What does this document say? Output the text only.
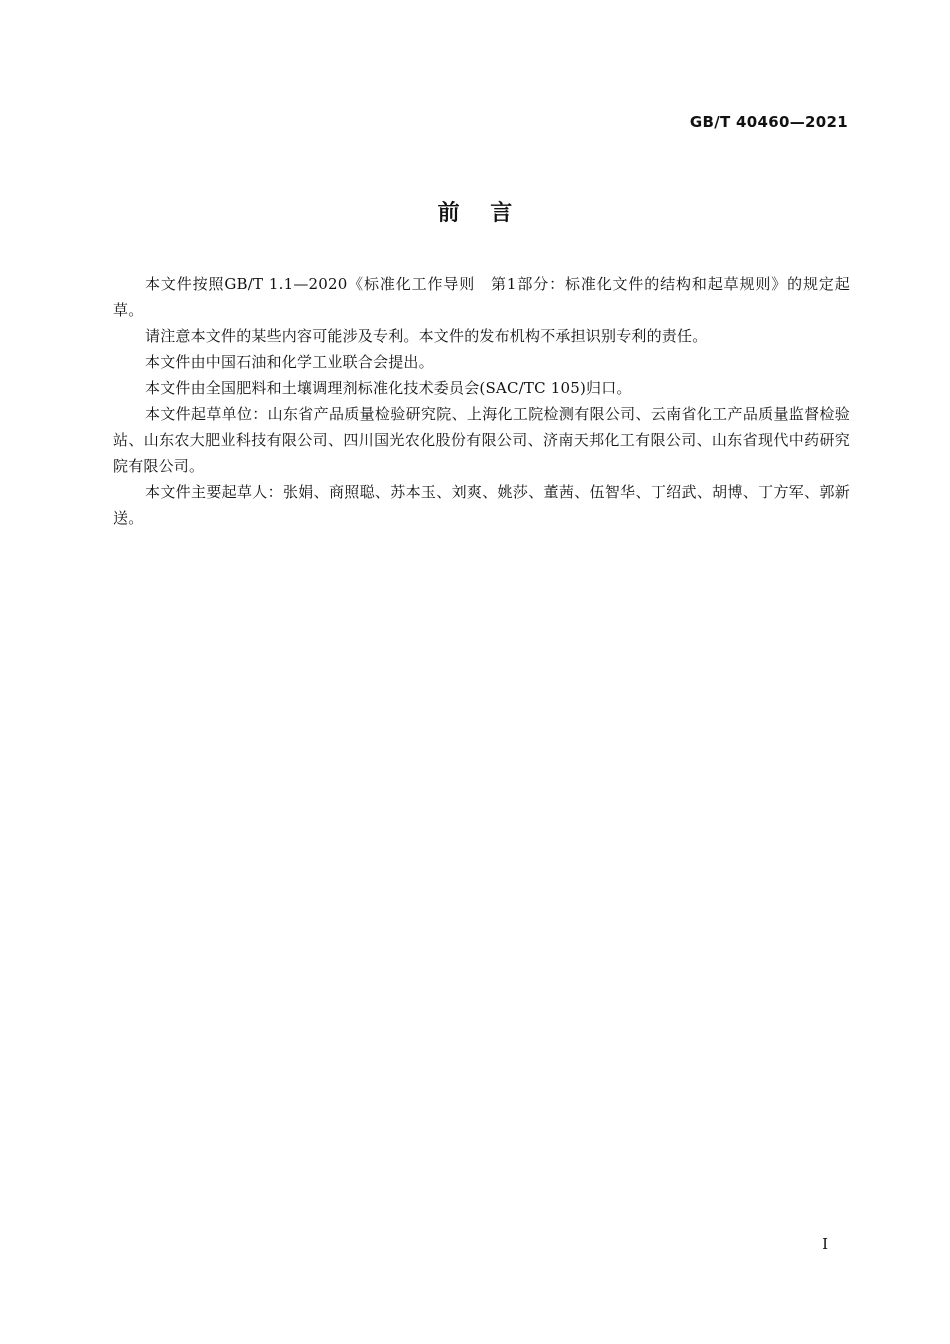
GB/T 40460—2021
前    言

本文件按照GB/T 1.1—2020《标准化工作导则　第1部分：标准化文件的结构和起草规则》的规定起草。

请注意本文件的某些内容可能涉及专利。本文件的发布机构不承担识别专利的责任。

本文件由中国石油和化学工业联合会提出。

本文件由全国肥料和土壤调理剂标准化技术委员会(SAC/TC 105)归口。

本文件起草单位：山东省产品质量检验研究院、上海化工院检测有限公司、云南省化工产品质量监督检验站、山东农大肥业科技有限公司、四川国光农化股份有限公司、济南天邦化工有限公司、山东省现代中药研究院有限公司。

本文件主要起草人：张娟、商照聪、苏本玉、刘爽、姚莎、董茜、伍智华、丁绍武、胡博、丁方军、郭新送。

I
